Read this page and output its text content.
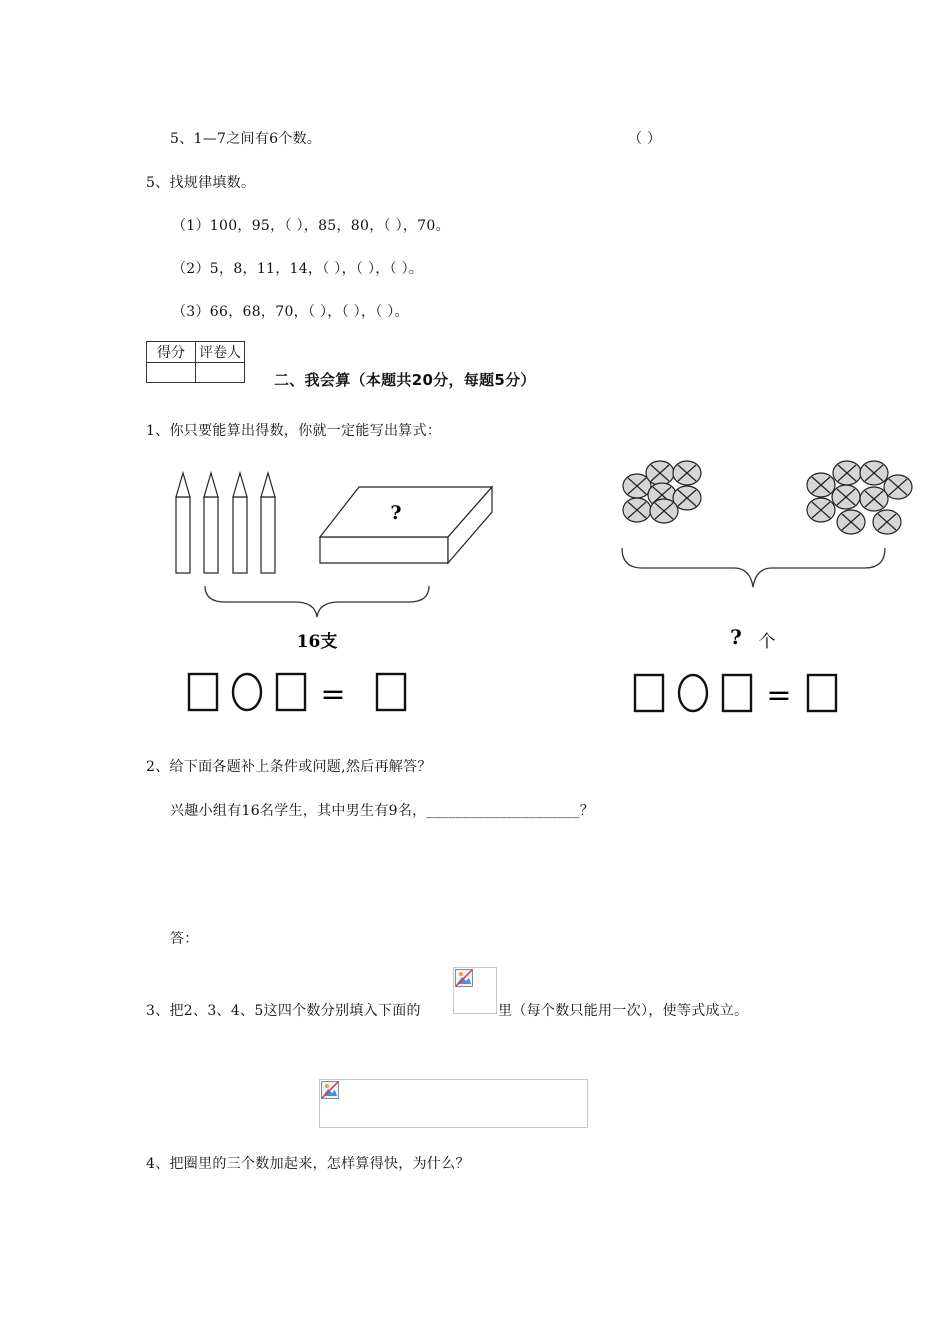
5、1—7之间有6个数。	（ ）
5、找规律填数。
（1）100，95，（ ），85，80，（ ），70。
（2）5，8，11，14，（ ），（ ），（ ）。
（3）66，68，70，（ ），（ ），（ ）。
得分	评卷人

二、我会算（本题共20分，每题5分）
1、你只要能算出得数，你就一定能写出算式：
?
16支
=
? 个
=
2、给下面各题补上条件或问题,然后再解答？
兴趣小组有16名学生，其中男生有9名，_____________________？
答：
3、把2、3、4、5这四个数分别填入下面的	里（每个数只能用一次），使等式成立。
4、把圈里的三个数加起来，怎样算得快，为什么？
